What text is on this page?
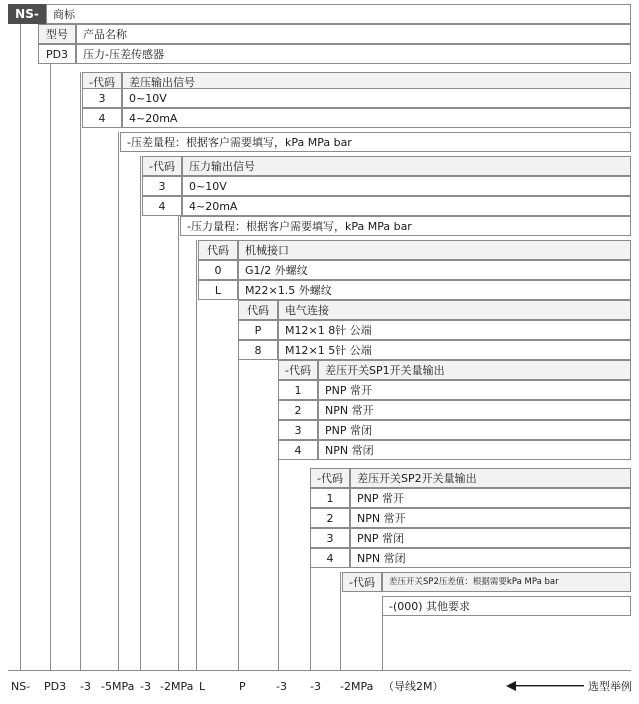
NS-	商标
型号	产品名称
PD3	压力-压差传感器
-代码	差压输出信号
3	0~10V
4	4~20mA
-压差量程：根据客户需要填写，kPa MPa bar
-代码	压力输出信号
3	0~10V
4	4~20mA
-压力量程：根据客户需要填写，kPa MPa bar
代码	机械接口
0	G1/2 外螺纹
L	M22×1.5 外螺纹
代码	电气连接
P	M12×1 8针 公端
8	M12×1 5针 公端
-代码	差压开关SP1开关量输出
1	PNP 常开
2	NPN 常开
3	PNP 常闭
4	NPN 常闭
-代码	差压开关SP2开关量输出
1	PNP 常开
2	NPN 常开
3	PNP 常闭
4	NPN 常闭
-代码	差压开关SP2压差值：根据需要kPa MPa bar
-(000) 其他要求
NS- PD3 -3 -5MPa -3 -2MPa L	P	-3 -3 -2MPa （导线2M）	选型举例
